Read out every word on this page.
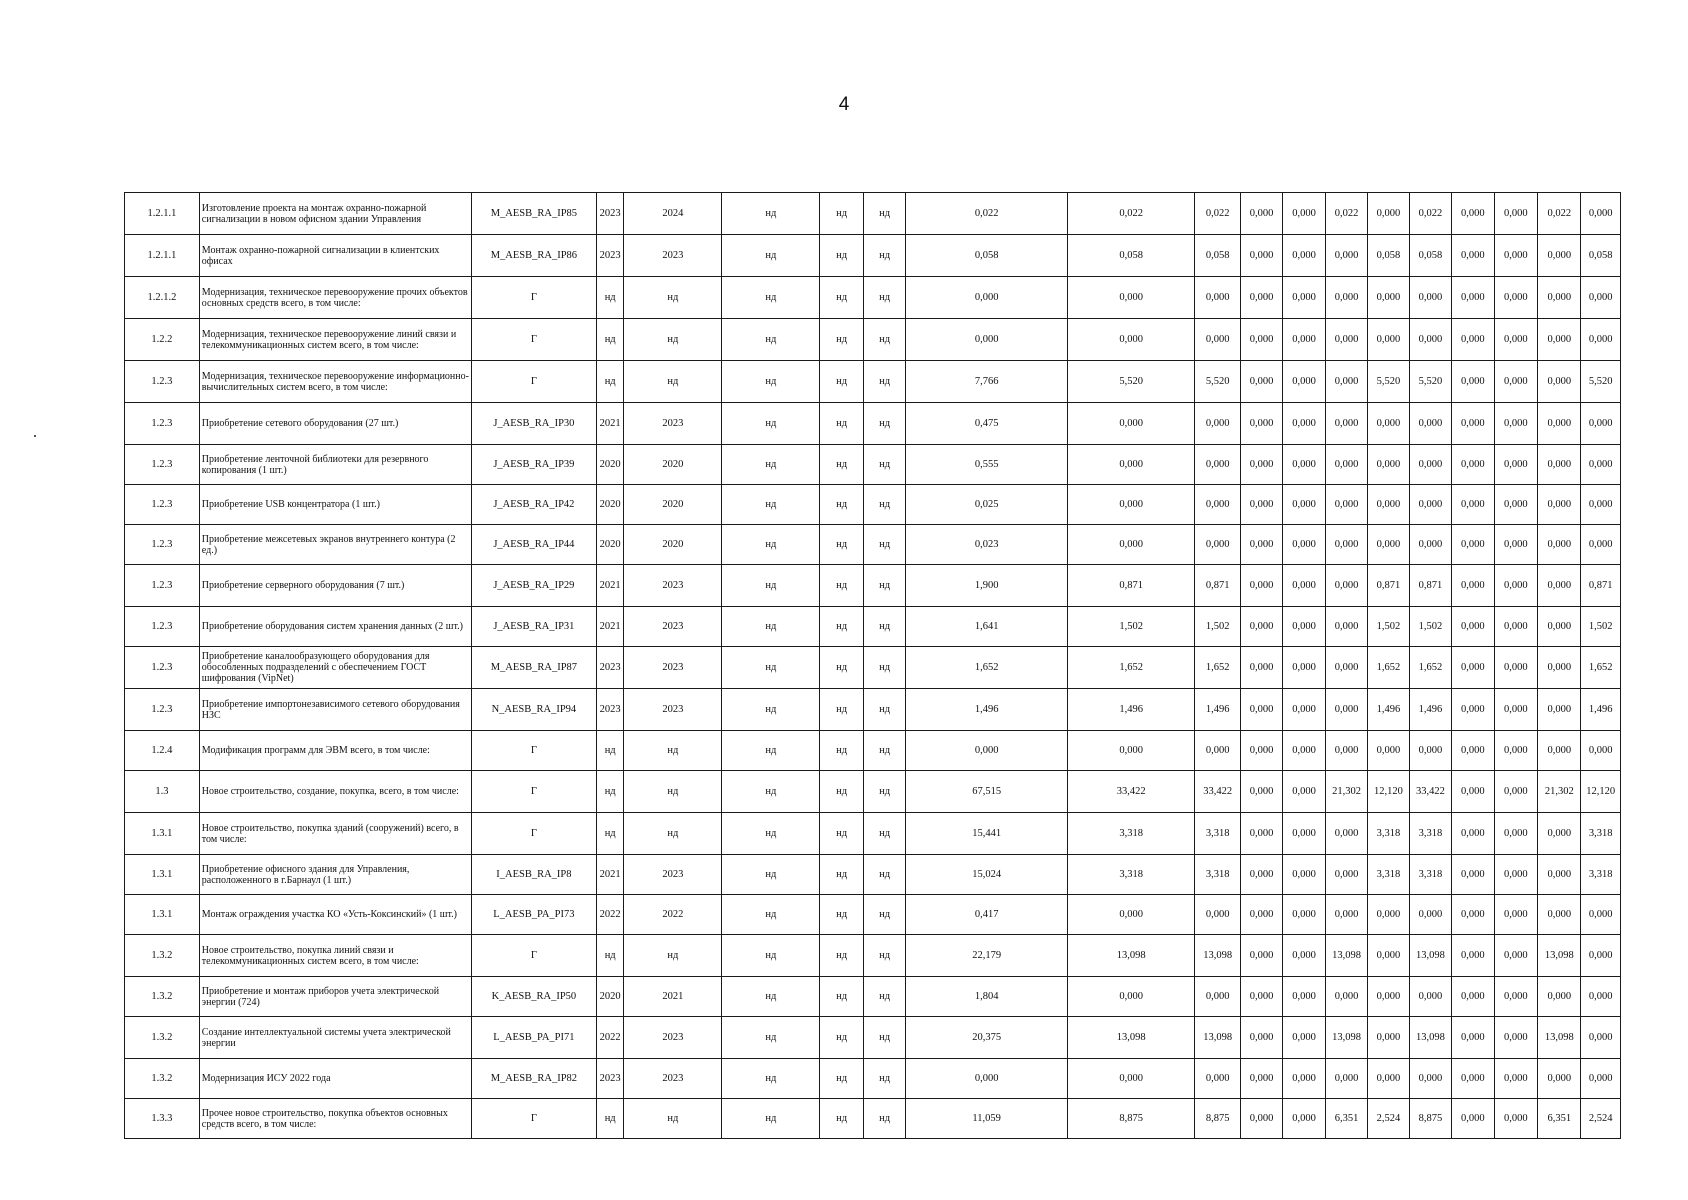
4
1.2.1.1	Изготовление проекта на монтаж охранно-пожарной сигнализации в новом офисном здании Управления	M_AESB_RA_IP85	2023	2024	нд	нд	нд	0,022	0,022	0,022	0,000	0,000	0,022	0,000	0,022	0,000	0,000	0,022	0,000
1.2.1.1	Монтаж охранно-пожарной сигнализации в клиентских офисах	M_AESB_RA_IP86	2023	2023	нд	нд	нд	0,058	0,058	0,058	0,000	0,000	0,000	0,058	0,058	0,000	0,000	0,000	0,058
1.2.1.2	Модернизация, техническое перевооружение прочих объектов основных средств всего, в том числе:	Г	нд	нд	нд	нд	нд	0,000	0,000	0,000	0,000	0,000	0,000	0,000	0,000	0,000	0,000	0,000	0,000
1.2.2	Модернизация, техническое перевооружение линий связи и телекоммуникационных систем всего, в том числе:	Г	нд	нд	нд	нд	нд	0,000	0,000	0,000	0,000	0,000	0,000	0,000	0,000	0,000	0,000	0,000	0,000
1.2.3	Модернизация, техническое перевооружение информационно-вычислительных систем всего, в том числе:	Г	нд	нд	нд	нд	нд	7,766	5,520	5,520	0,000	0,000	0,000	5,520	5,520	0,000	0,000	0,000	5,520
1.2.3	Приобретение сетевого оборудования (27 шт.)	J_AESB_RA_IP30	2021	2023	нд	нд	нд	0,475	0,000	0,000	0,000	0,000	0,000	0,000	0,000	0,000	0,000	0,000	0,000
1.2.3	Приобретение ленточной библиотеки для резервного копирования (1 шт.)	J_AESB_RA_IP39	2020	2020	нд	нд	нд	0,555	0,000	0,000	0,000	0,000	0,000	0,000	0,000	0,000	0,000	0,000	0,000
1.2.3	Приобретение USB концентратора (1 шт.)	J_AESB_RA_IP42	2020	2020	нд	нд	нд	0,025	0,000	0,000	0,000	0,000	0,000	0,000	0,000	0,000	0,000	0,000	0,000
1.2.3	Приобретение межсетевых экранов внутреннего контура (2 ед.)	J_AESB_RA_IP44	2020	2020	нд	нд	нд	0,023	0,000	0,000	0,000	0,000	0,000	0,000	0,000	0,000	0,000	0,000	0,000
1.2.3	Приобретение серверного оборудования (7 шт.)	J_AESB_RA_IP29	2021	2023	нд	нд	нд	1,900	0,871	0,871	0,000	0,000	0,000	0,871	0,871	0,000	0,000	0,000	0,871
1.2.3	Приобретение оборудования систем хранения данных (2 шт.)	J_AESB_RA_IP31	2021	2023	нд	нд	нд	1,641	1,502	1,502	0,000	0,000	0,000	1,502	1,502	0,000	0,000	0,000	1,502
1.2.3	Приобретение каналообразующего оборудования для обособленных подразделений с обеспечением ГОСТ шифрования (VipNet)	M_AESB_RA_IP87	2023	2023	нд	нд	нд	1,652	1,652	1,652	0,000	0,000	0,000	1,652	1,652	0,000	0,000	0,000	1,652
1.2.3	Приобретение импортонезависимого сетевого оборудования НЗС	N_AESB_RA_IP94	2023	2023	нд	нд	нд	1,496	1,496	1,496	0,000	0,000	0,000	1,496	1,496	0,000	0,000	0,000	1,496
1.2.4	Модификация программ для ЭВМ всего, в том числе:	Г	нд	нд	нд	нд	нд	0,000	0,000	0,000	0,000	0,000	0,000	0,000	0,000	0,000	0,000	0,000	0,000
1.3	Новое строительство, создание, покупка, всего, в том числе:	Г	нд	нд	нд	нд	нд	67,515	33,422	33,422	0,000	0,000	21,302	12,120	33,422	0,000	0,000	21,302	12,120
1.3.1	Новое строительство, покупка зданий (сооружений) всего, в том числе:	Г	нд	нд	нд	нд	нд	15,441	3,318	3,318	0,000	0,000	0,000	3,318	3,318	0,000	0,000	0,000	3,318
1.3.1	Приобретение офисного здания для Управления, расположенного в г.Барнаул (1 шт.)	I_AESB_RA_IP8	2021	2023	нд	нд	нд	15,024	3,318	3,318	0,000	0,000	0,000	3,318	3,318	0,000	0,000	0,000	3,318
1.3.1	Монтаж ограждения участка КО «Усть-Коксинский» (1 шт.)	L_AESB_PA_PI73	2022	2022	нд	нд	нд	0,417	0,000	0,000	0,000	0,000	0,000	0,000	0,000	0,000	0,000	0,000	0,000
1.3.2	Новое строительство, покупка линий связи и телекоммуникационных систем всего, в том числе:	Г	нд	нд	нд	нд	нд	22,179	13,098	13,098	0,000	0,000	13,098	0,000	13,098	0,000	0,000	13,098	0,000
1.3.2	Приобретение и монтаж приборов учета электрической энергии (724)	K_AESB_RA_IP50	2020	2021	нд	нд	нд	1,804	0,000	0,000	0,000	0,000	0,000	0,000	0,000	0,000	0,000	0,000	0,000
1.3.2	Создание интеллектуальной системы учета электрической энергии	L_AESB_PA_PI71	2022	2023	нд	нд	нд	20,375	13,098	13,098	0,000	0,000	13,098	0,000	13,098	0,000	0,000	13,098	0,000
1.3.2	Модернизация ИСУ 2022 года	M_AESB_RA_IP82	2023	2023	нд	нд	нд	0,000	0,000	0,000	0,000	0,000	0,000	0,000	0,000	0,000	0,000	0,000	0,000
1.3.3	Прочее новое строительство, покупка объектов основных средств всего, в том числе:	Г	нд	нд	нд	нд	нд	11,059	8,875	8,875	0,000	0,000	6,351	2,524	8,875	0,000	0,000	6,351	2,524
